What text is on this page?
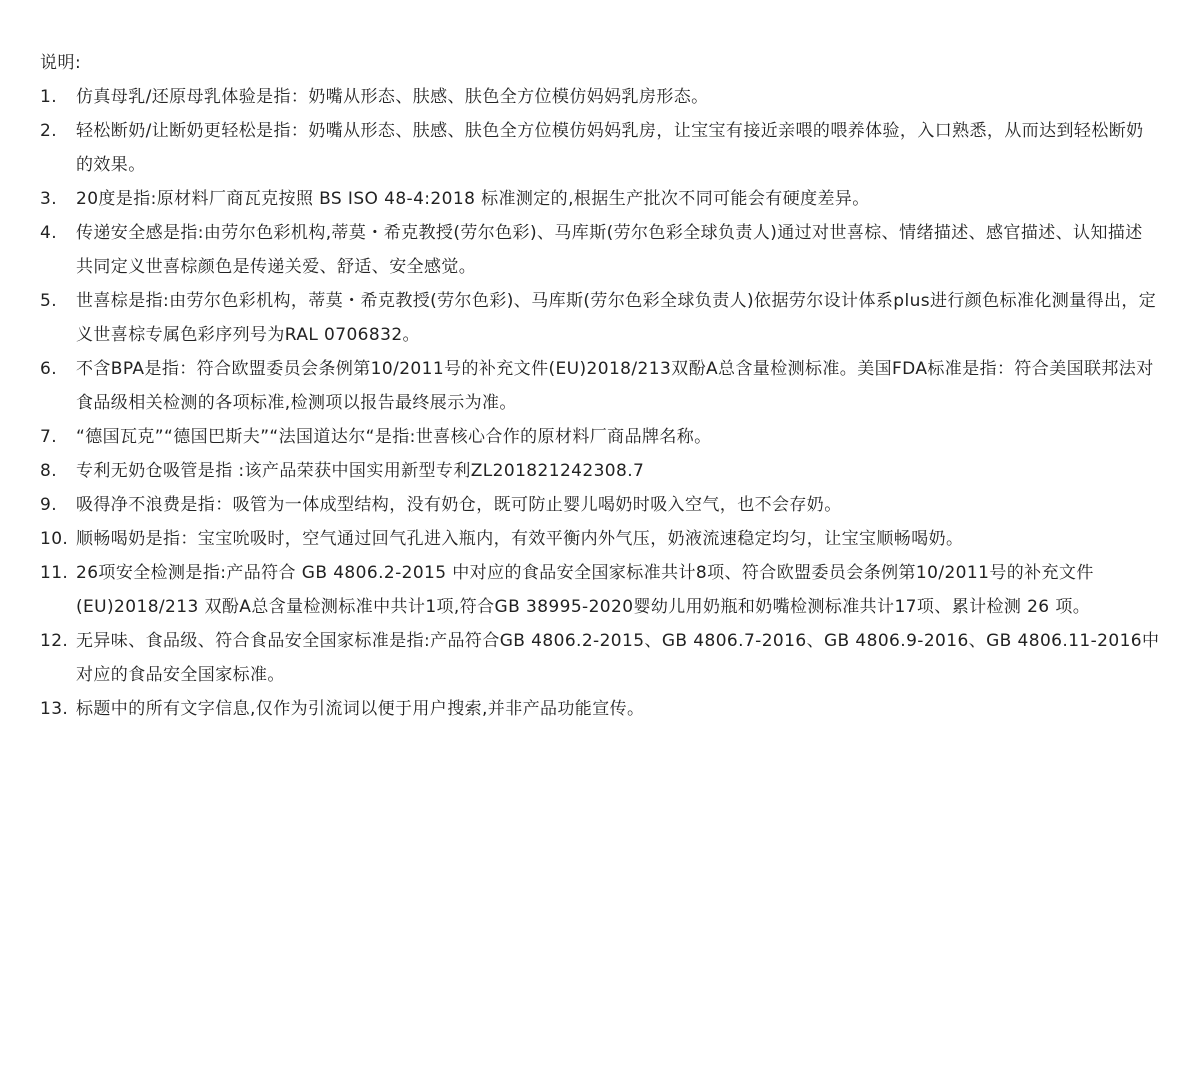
说明:
1.	仿真母乳/还原母乳体验是指：奶嘴从形态、肤感、肤色全方位模仿妈妈乳房形态。
2.	轻松断奶/让断奶更轻松是指：奶嘴从形态、肤感、肤色全方位模仿妈妈乳房，让宝宝有接近亲喂的喂养体验，入口熟悉，从而达到轻松断奶的效果。
3.	20度是指:原材料厂商瓦克按照 BS ISO 48-4:2018 标准测定的,根据生产批次不同可能会有硬度差异。
4.	传递安全感是指:由劳尔色彩机构,蒂莫・希克教授(劳尔色彩)、马库斯(劳尔色彩全球负责人)通过对世喜棕、情绪描述、感官描述、认知描述共同定义世喜棕颜色是传递关爱、舒适、安全感觉。
5.	世喜棕是指:由劳尔色彩机构，蒂莫・希克教授(劳尔色彩)、马库斯(劳尔色彩全球负责人)依据劳尔设计体系plus进行颜色标准化测量得出，定义世喜棕专属色彩序列号为RAL 0706832。
6.	不含BPA是指：符合欧盟委员会条例第10/2011号的补充文件(EU)2018/213双酚A总含量检测标准。美国FDA标准是指：符合美国联邦法对食品级相关检测的各项标准,检测项以报告最终展示为准。
7.	“德国瓦克”“德国巴斯夫”“法国道达尔“是指:世喜核心合作的原材料厂商品牌名称。
8.	专利无奶仓吸管是指 :该产品荣获中国实用新型专利ZL201821242308.7
9.	吸得净不浪费是指：吸管为一体成型结构，没有奶仓，既可防止婴儿喝奶时吸入空气，也不会存奶。
10. 顺畅喝奶是指：宝宝吮吸时，空气通过回气孔进入瓶内，有效平衡内外气压，奶液流速稳定均匀，让宝宝顺畅喝奶。
11. 26项安全检测是指:产品符合 GB 4806.2-2015 中对应的食品安全国家标准共计8项、符合欧盟委员会条例第10/2011号的补充文件(EU)2018/213 双酚A总含量检测标准中共计1项,符合GB 38995-2020婴幼儿用奶瓶和奶嘴检测标准共计17项、累计检测 26 项。
12. 无异味、食品级、符合食品安全国家标准是指:产品符合GB 4806.2-2015、GB 4806.7-2016、GB 4806.9-2016、GB 4806.11-2016中对应的食品安全国家标准。
13. 标题中的所有文字信息,仅作为引流词以便于用户搜索,并非产品功能宣传。
